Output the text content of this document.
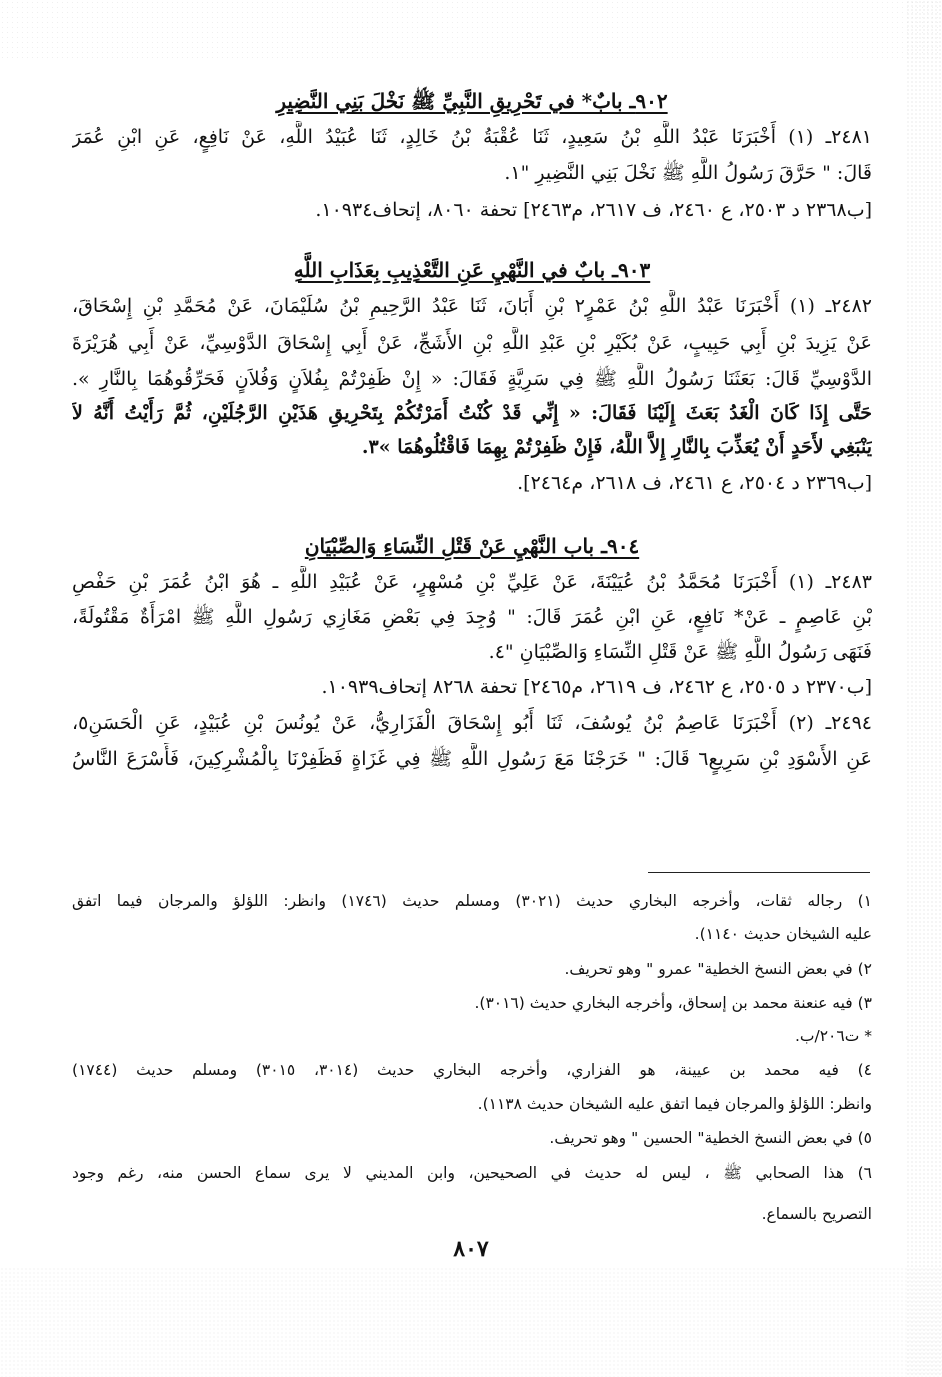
٩٠٢ـ بابٌ* في تَحْرِيقِ النَّبِيِّ ﷺ نَخْلَ بَنِي النَّضِيرِ
٢٤٨١ـ (١) أَخْبَرَنَا عَبْدُ اللَّهِ بْنُ سَعِيدٍ، ثَنَا عُقْبَةُ بْنُ خَالِدٍ، ثَنَا عُبَيْدُ اللَّهِ، عَنْ نَافِعٍ، عَنِ ابْنِ عُمَرَ
قَالَ: " حَرَّقَ رَسُولُ اللَّهِ ﷺ نَخْلَ بَنِي النَّضِيرِ "١.
[ب٢٣٦٨ د ٢٥٠٣، ع ٢٤٦٠، ف ٢٦١٧، م٢٤٦٣] تحفة ٨٠٦٠، إتحاف١٠٩٣٤.
٩٠٣ـ بابٌ في النَّهْيِ عَنِ التَّعْذِيبِ بِعَذَابِ اللَّهِ
٢٤٨٢ـ (١) أَخْبَرَنَا عَبْدُ اللَّهِ بْنُ عَمْرٍ٢ بْنِ أَبَانَ، ثَنَا عَبْدُ الرَّحِيمِ بْنُ سُلَيْمَانَ، عَنْ مُحَمَّدِ بْنِ إِسْحَاقَ،
عَنْ يَزِيدَ بْنِ أَبِي حَبِيبٍ، عَنْ بُكَيْرِ بْنِ عَبْدِ اللَّهِ بْنِ الأَشَجِّ، عَنْ أَبِي إِسْحَاقَ الدَّوْسِيِّ، عَنْ أَبِي هُرَيْرَةَ
الدَّوْسِيِّ قَالَ: بَعَثَنَا رَسُولُ اللَّهِ ﷺ فِي سَرِيَّةٍ فَقَالَ: « إِنْ ظَفِرْتُمْ بِفُلاَنٍ وَفُلاَنٍ فَحَرِّقُوهُمَا بِالنَّارِ ».
حَتَّى إِذَا كَانَ الْغَدُ بَعَثَ إِلَيْنَا فَقَالَ: « إِنِّي قَدْ كُنْتُ أَمَرْتُكُمْ بِتَحْرِيقِ هَذَيْنِ الرَّجُلَيْنِ، ثُمَّ رَأَيْتُ أَنَّهُ لاَ
يَنْبَغِي لأَحَدٍ أَنْ يُعَذِّبَ بِالنَّارِ إِلاَّ اللَّهُ، فَإِنْ ظَفِرْتُمْ بِهِمَا فَاقْتُلُوهُمَا »٣.
[ب٢٣٦٩ د ٢٥٠٤، ع ٢٤٦١، ف ٢٦١٨، م٢٤٦٤].
٩٠٤ـ باب النَّهْيِ عَنْ قَتْلِ النِّسَاءِ وَالصِّبْيَانِ
٢٤٨٣ـ (١) أَخْبَرَنَا مُحَمَّدُ بْنُ عُيَيْنَةَ، عَنْ عَلِيِّ بْنِ مُسْهِرٍ، عَنْ عُبَيْدِ اللَّهِ ـ هُوَ ابْنُ عُمَرَ بْنِ حَفْصِ
بْنِ عَاصِمٍ ـ عَنْ* نَافِعٍ، عَنِ ابْنِ عُمَرَ قَالَ: " وُجِدَ فِي بَعْضِ مَغَازِي رَسُولِ اللَّهِ ﷺ امْرَأَةٌ مَقْتُولَةً،
فَنَهَى رَسُولُ اللَّهِ ﷺ عَنْ قَتْلِ النِّسَاءِ وَالصِّبْيَانِ "٤.
[ب٢٣٧٠ د ٢٥٠٥، ع ٢٤٦٢، ف ٢٦١٩، م٢٤٦٥] تحفة ٨٢٦٨ إتحاف١٠٩٣٩.
٢٤٩٤ـ (٢) أَخْبَرَنَا عَاصِمُ بْنُ يُوسُفَ، ثَنَا أَبُو إِسْحَاقَ الْفَزَارِيُّ، عَنْ يُونُسَ بْنِ عُبَيْدٍ، عَنِ الْحَسَنِ٥،
عَنِ الأَسْوَدِ بْنِ سَرِيعٍ٦ قَالَ: " خَرَجْنَا مَعَ رَسُولِ اللَّهِ ﷺ فِي غَزَاةٍ فَظَفِرْنَا بِالْمُشْرِكِينَ، فَأَسْرَعَ النَّاسُ
١) رجاله ثقات، وأخرجه البخاري حديث (٣٠٢١) ومسلم حديث (١٧٤٦) وانظر: اللؤلؤ والمرجان فيما اتفق
عليه الشيخان حديث ١١٤٠).
٢) في بعض النسخ الخطية" عمرو " وهو تحريف.
٣) فيه عنعنة محمد بن إسحاق، وأخرجه البخاري حديث (٣٠١٦).
* ت٢٠٦/ب.
٤) فيه محمد بن عيينة، هو الفزاري، وأخرجه البخاري حديث (٣٠١٤، ٣٠١٥) ومسلم حديث (١٧٤٤)
وانظر: اللؤلؤ والمرجان فيما اتفق عليه الشيخان حديث ١١٣٨).
٥) في بعض النسخ الخطية" الحسين " وهو تحريف.
٦) هذا الصحابي ﷺ ، ليس له حديث في الصحيحين، وابن المديني لا يرى سماع الحسن منه، رغم وجود
التصريح بالسماع.
٨٠٧
